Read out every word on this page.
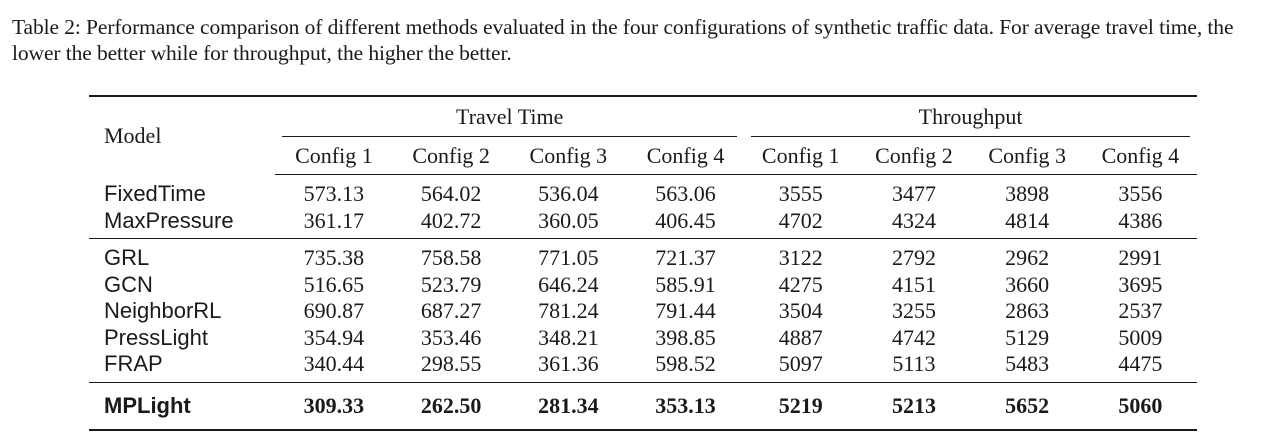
Table 2: Performance comparison of different methods evaluated in the four configurations of synthetic traffic data. For average travel time, the lower the better while for throughput, the higher the better.

Model	Travel Time				Throughput			
	Config 1	Config 2	Config 3	Config 4	Config 1	Config 2	Config 3	Config 4

FixedTime	573.13	564.02	536.04	563.06	3555	3477	3898	3556
MaxPressure	361.17	402.72	360.05	406.45	4702	4324	4814	4386

GRL	735.38	758.58	771.05	721.37	3122	2792	2962	2991
GCN	516.65	523.79	646.24	585.91	4275	4151	3660	3695
NeighborRL	690.87	687.27	781.24	791.44	3504	3255	2863	2537
PressLight	354.94	353.46	348.21	398.85	4887	4742	5129	5009
FRAP	340.44	298.55	361.36	598.52	5097	5113	5483	4475

MPLight	309.33	262.50	281.34	353.13	5219	5213	5652	5060
